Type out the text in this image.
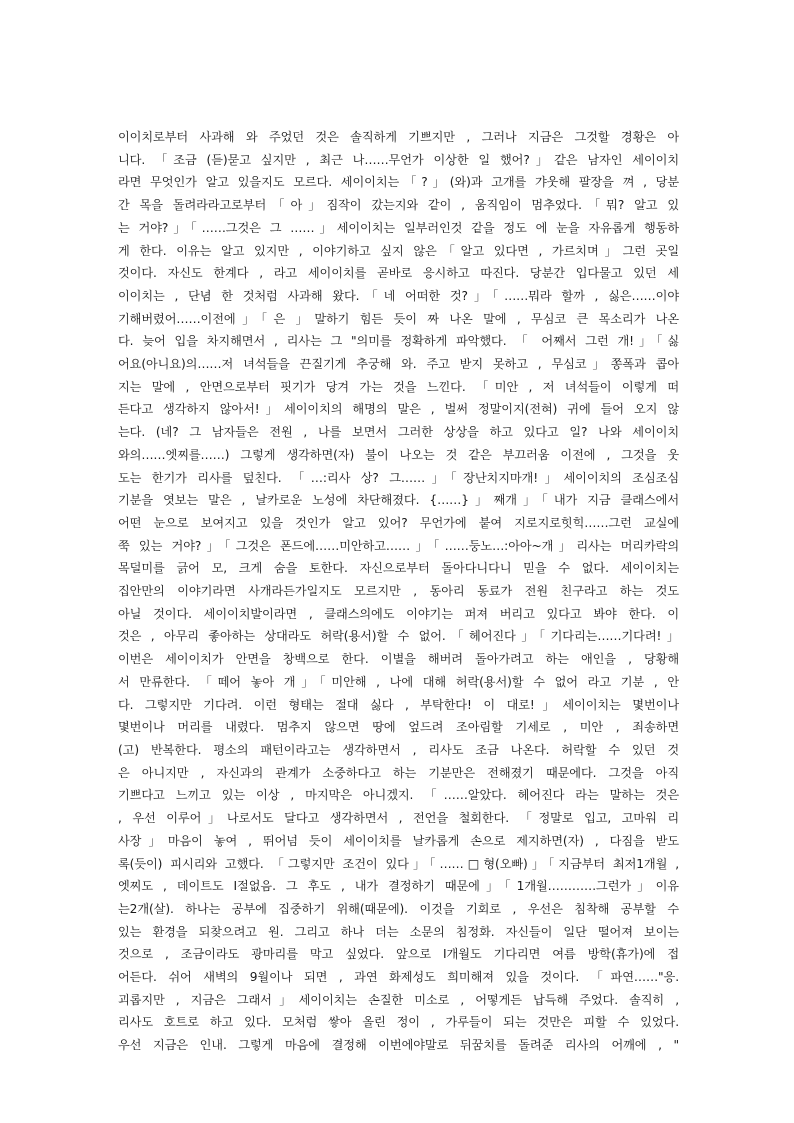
이이치로부터 사과해 와 주었던 것은 솔직하게 기쁘지만 , 그러나 지금은 그것할 경황은 아

니다. 「조금 (듣)묻고 싶지만 , 최근 나……무언가 이상한 일 했어?」같은 남자인 세이이치

라면 무엇인가 알고 있을지도 모르다. 세이이치는「?」(와)과 고개를 갸웃해 팔장을 껴 , 당분

간 목을 돌려라라고로부터「아」짐작이 갔는지와 같이 , 움직임이 멈추었다.「뭐? 알고 있

는 거야?」「……그것은 그 ……」세이이치는 일부러인것 같을 정도 에 눈을 자유롭게 행동하

게 한다. 이유는 알고 있지만 , 이야기하고 싶지 않은「알고 있다면 , 가르치며」그런 곳일

것이다. 자신도 한계다 , 라고 세이이치를 곧바로 응시하고 따진다. 당분간 입다물고 있던 세

이이치는 , 단념 한 것처럼 사과해 왔다.「네 어떠한 것?」「……뭐라 할까 , 싫은……이야

기해버렸어……이전에」「은 」말하기 힘든 듯이 짜 나온 말에 , 무심코 큰 목소리가 나온

다. 늦어 입을 차지해면서 , 리사는 그 "의미를 정확하게 파악했다. 「 어째서 그런 개!」「싫

어요(아니요)의……저 녀석들을 끈질기게 추궁해 와. 주고 받지 못하고 , 무심코」쫑폭과 콥아

지는 말에 , 안면으로부터 핏기가 당겨 가는 것을 느낀다. 「미안 , 저 녀석들이 이렇게 떠

든다고 생각하지 않아서!」세이이치의 해명의 말은 , 벌써 정말이지(전혀) 귀에 들어 오지 않

는다. (네? 그 남자들은 전원 , 나를 보면서 그러한 상상을 하고 있다고 일? 나와 세이이치

와의……엣찌를……) 그렇게 생각하면(자) 불이 나오는 것 같은 부끄러움 이전에 , 그것을 웃

도는 한기가 리사를 덮친다. 「…:리사 상? 그……」「장난치지마개!」세이이치의 조심조심

기분을 엿보는 말은 , 날카로운 노성에 차단해졌다. {……}」째개」「내가 지금 클래스에서

어떤 눈으로 보여지고 있을 것인가 알고 있어? 무언가에 붙여 지로지로힛힉……그런 교실에

쭉 있는 거야?」「그것은 폰드에……미안하고……」「……둥노…:아아~개」리사는 머리카락의

목덜미를 긁어 모, 크게 숨을 토한다. 자신으로부터 돌아다니다니 믿을 수 없다. 세이이치는

집안만의 이야기라면 사개라든가일지도 모르지만 , 동아리 동료가 전원 친구라고 하는 것도

아닐 것이다. 세이이치발이라면 , 클래스의에도 이야기는 퍼져 버리고 있다고 봐야 한다. 이

것은 , 아무리 좋아하는 상대라도 허락(용서)할 수 없어.「헤어진다」「기다리는……기다려!」

이번은 세이이치가 안면을 창백으로 한다. 이별을 해버려 돌아가려고 하는 애인을 , 당황해

서 만류한다. 「떼어 놓아 개」「미안해 , 나에 대해 허락(용서)할 수 없어 라고 기분 , 안

다. 그렇지만 기다려. 이런 형태는 절대 싫다 , 부탁한다! 이 대로!」세이이치는 몇번이나

몇번이나 머리를 내렸다. 멈추지 않으면 땅에 엎드려 조아림할 기세로 , 미안 , 죄송하면

(고) 반복한다. 평소의 패턴이라고는 생각하면서 , 리사도 조금 나온다. 허락할 수 있던 것

은 아니지만 , 자신과의 관계가 소중하다고 하는 기분만은 전해졌기 때문에다. 그것을 아직

기쁘다고 느끼고 있는 이상 , 마지막은 아니겠지. 「……알았다. 헤어진다 라는 말하는 것은

, 우선 이루어」나로서도 달다고 생각하면서 , 전언을 철회한다. 「정말로 입고, 고마워 리

사장」마음이 놓여 , 뛰어넘 듯이 세이이치를 날카롭게 손으로 제지하면(자) , 다짐을 받도

록(듯이) 피시리와 고했다. 「그렇지만 조건이 있다」「……□형(오빠)」「지금부터 최저1개월 ,

엣찌도 , 데이트도 I절없음. 그 후도 , 내가 결정하기 때문에」「1개월…………그런가」이유

는2개(살). 하나는 공부에 집중하기 위해(때문에). 이것을 기회로 , 우선은 침착해 공부할 수

있는 환경을 되찾으려고 원. 그리고 하나 더는 소문의 침정화. 자신들이 일단 떨어져 보이는

것으로 , 조금이라도 광마리를 막고 싶었다. 앞으로 I개월도 기다리면 여름 방학(휴가)에 접

어든다. 쉬어 새벽의 9월이나 되면 , 과연 화제성도 희미해져 있을 것이다. 「파연……"응.

괴롭지만 , 지금은 그래서」세이이치는 손질한 미소로 , 어떻게든 납득해 주었다. 솔직히 ,

리사도 호트로 하고 있다. 모처럼 쌓아 올린 정이 , 가루들이 되는 것만은 피할 수 있었다.

우선 지금은 인내. 그렇게 마음에 결정해 이번에야말로 뒤꿈치를 돌려준 리사의 어깨에 , "
